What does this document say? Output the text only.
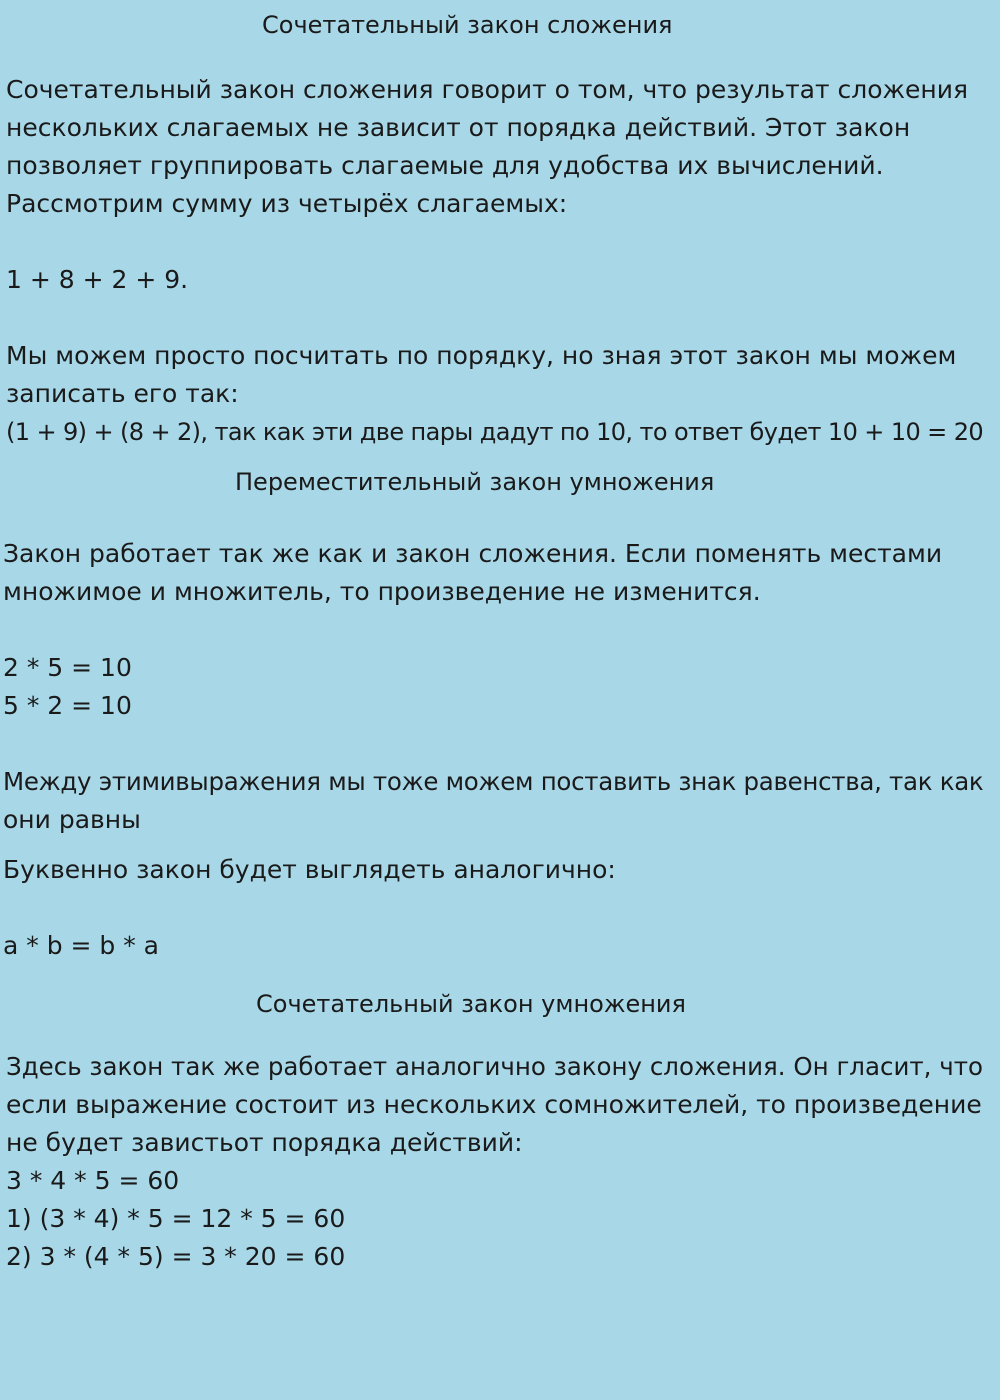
Сочетательный закон сложения
Сочетательный закон сложения говорит о том, что результат сложения
нескольких слагаемых не зависит от порядка действий. Этот закон
позволяет группировать слагаемые для удобства их вычислений.
Рассмотрим сумму из четырёх слагаемых:
1 + 8 + 2 + 9.
Мы можем просто посчитать по порядку, но зная этот закон мы можем
записать его так:
(1 + 9) + (8 + 2), так как эти две пары дадут по 10, то ответ будет 10 + 10 = 20
Переместительный закон умножения
Закон работает так же как и закон сложения. Если поменять местами
множимое и множитель, то произведение не изменится.
2 * 5 = 10
5 * 2 = 10
Между этимивыражения мы тоже можем поставить знак равенства, так как
они равны
Буквенно закон будет выглядеть аналогично:
a * b = b * a
Сочетательный закон умножения
Здесь закон так же работает аналогично закону сложения. Он гласит, что
если выражение состоит из нескольких сомножителей, то произведение
не будет завистьот порядка действий:
3 * 4 * 5 = 60
1) (3 * 4) * 5 = 12 * 5 = 60
2) 3 * (4 * 5) = 3 * 20 = 60
